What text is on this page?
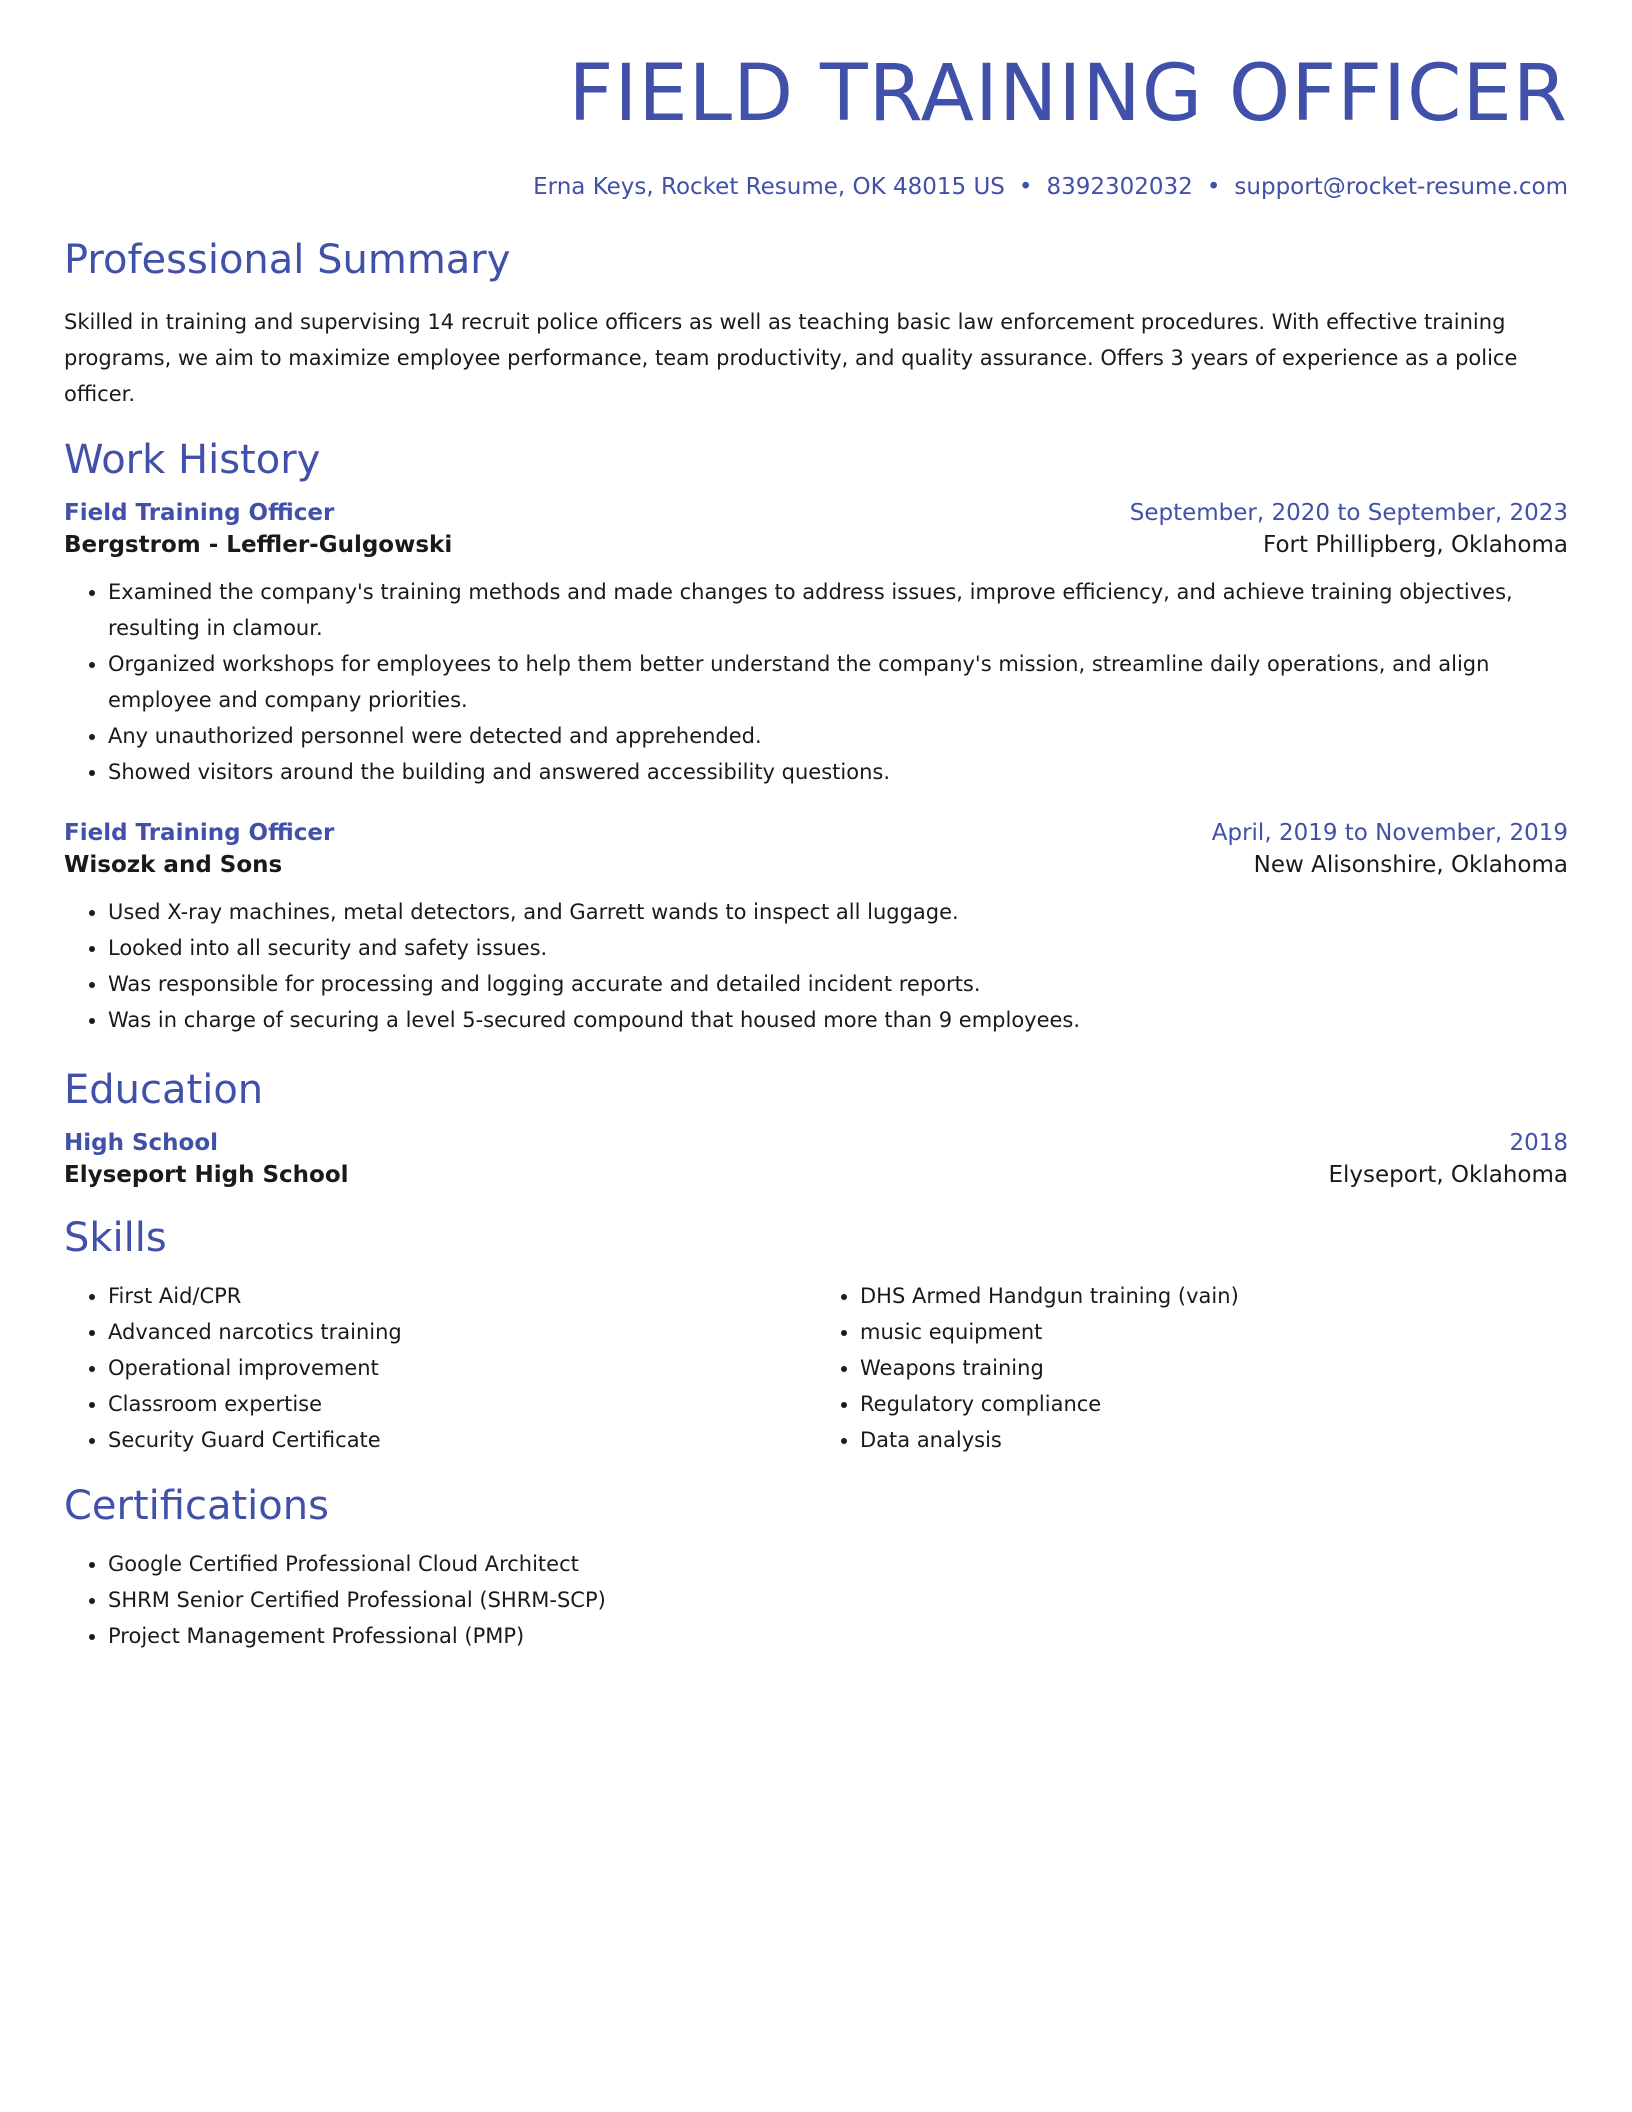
FIELD TRAINING OFFICER
Erna Keys, Rocket Resume, OK 48015 US • 8392302032 • support@rocket-resume.com
Professional Summary

Skilled in training and supervising 14 recruit police officers as well as teaching basic law enforcement procedures. With effective training programs, we aim to maximize employee performance, team productivity, and quality assurance. Offers 3 years of experience as a police officer.

Work History
Field Training Officer	September, 2020 to September, 2023
Bergstrom - Leffler-Gulgowski	Fort Phillipberg, Oklahoma
• Examined the company's training methods and made changes to address issues, improve efficiency, and achieve training objectives, resulting in clamour.
• Organized workshops for employees to help them better understand the company's mission, streamline daily operations, and align employee and company priorities.
• Any unauthorized personnel were detected and apprehended.
• Showed visitors around the building and answered accessibility questions.
Field Training Officer	April, 2019 to November, 2019
Wisozk and Sons	New Alisonshire, Oklahoma
• Used X-ray machines, metal detectors, and Garrett wands to inspect all luggage.
• Looked into all security and safety issues.
• Was responsible for processing and logging accurate and detailed incident reports.
• Was in charge of securing a level 5-secured compound that housed more than 9 employees.
Education
High School	2018
Elyseport High School	Elyseport, Oklahoma
Skills
• First Aid/CPR
• Advanced narcotics training
• Operational improvement
• Classroom expertise
• Security Guard Certificate
• DHS Armed Handgun training (vain)
• music equipment
• Weapons training
• Regulatory compliance
• Data analysis
Certifications
• Google Certified Professional Cloud Architect
• SHRM Senior Certified Professional (SHRM-SCP)
• Project Management Professional (PMP)
